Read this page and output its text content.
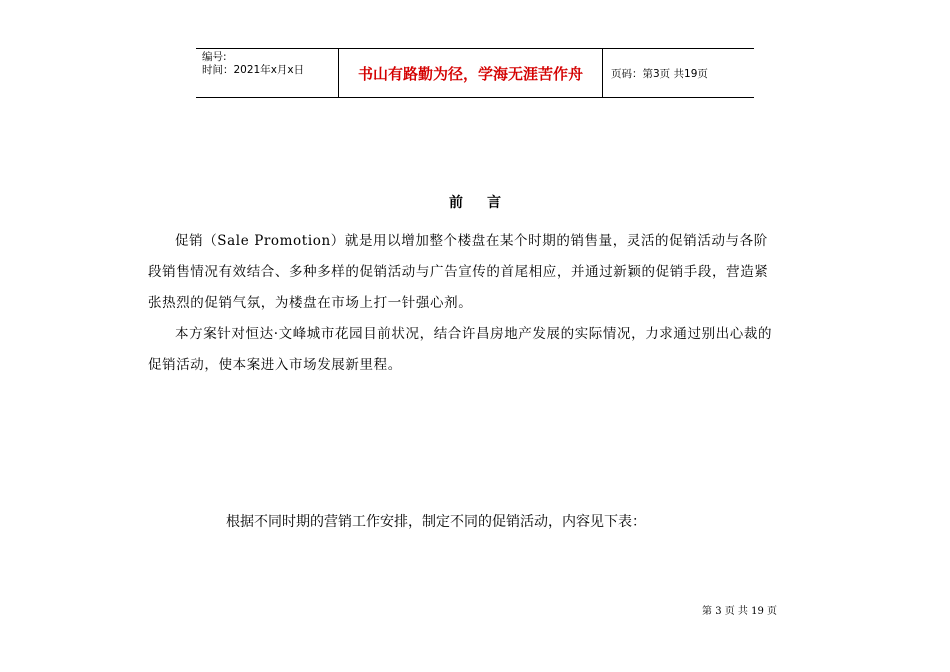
编号:
时间：2021年x月x日	书山有路勤为径，学海无涯苦作舟	页码：第3页 共19页
前言

促销（Sale Promotion）就是用以增加整个楼盘在某个时期的销售量，灵活的促销活动与各阶段销售情况有效结合、多种多样的促销活动与广告宣传的首尾相应，并通过新颖的促销手段，营造紧张热烈的促销气氛，为楼盘在市场上打一针强心剂。

本方案针对恒达·文峰城市花园目前状况，结合许昌房地产发展的实际情况，力求通过别出心裁的促销活动，使本案进入市场发展新里程。

根据不同时期的营销工作安排，制定不同的促销活动，内容见下表：
第 3 页 共 19 页
